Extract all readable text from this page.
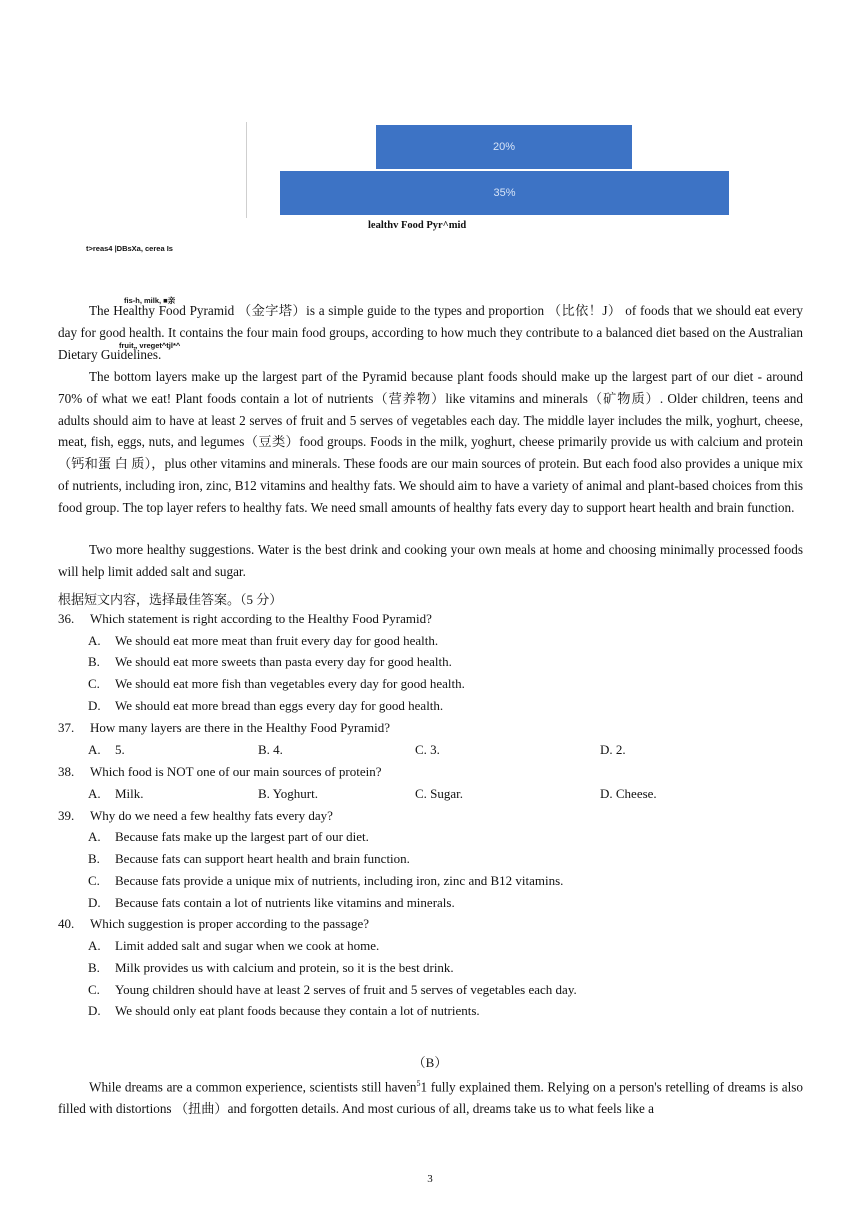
20%
35%
lealthv Food Pyr^mid
t>reas4 |DBsXa, cerea Is
fis-h, milk, ■亲
fruit„ vreget^tjl*^

The Healthy Food Pyramid （金字塔）is a simple guide to the types and proportion （比依！J） of foods that we should eat every day for good health. It contains the four main food groups, according to how much they contribute to a balanced diet based on the Australian Dietary Guidelines.

The bottom layers make up the largest part of the Pyramid because plant foods should make up the largest part of our diet - around 70% of what we eat! Plant foods contain a lot of nutrients（营养物）like vitamins and minerals（矿物质）. Older children, teens and adults should aim to have at least 2 serves of fruit and 5 serves of vegetables each day. The middle layer includes the milk, yoghurt, cheese, meat, fish, eggs, nuts, and legumes（豆类）food groups. Foods in the milk, yoghurt, cheese primarily provide us with calcium and protein（钙和蛋 白 质），plus other vitamins and minerals. These foods are our main sources of protein. But each food also provides a unique mix of nutrients, including iron, zinc, B12 vitamins and healthy fats. We should aim to have a variety of animal and plant-based choices from this food group. The top layer refers to healthy fats. We need small amounts of healthy fats every day to support heart health and brain function.

Two more healthy suggestions. Water is the best drink and cooking your own meals at home and choosing minimally processed foods will help limit added salt and sugar.

根据短文内容，选择最佳答案。（5 分）
36. Which statement is right according to the Healthy Food Pyramid?
A. We should eat more meat than fruit every day for good health.
B. We should eat more sweets than pasta every day for good health.
C. We should eat more fish than vegetables every day for good health.
D. We should eat more bread than eggs every day for good health.
37. How many layers are there in the Healthy Food Pyramid?
A. 5.	B. 4.	C. 3.	D. 2.
38. Which food is NOT one of our main sources of protein?
A. Milk.	B. Yoghurt.	C. Sugar.	D. Cheese.
39. Why do we need a few healthy fats every day?
A. Because fats make up the largest part of our diet.
B. Because fats can support heart health and brain function.
C. Because fats provide a unique mix of nutrients, including iron, zinc and B12 vitamins.
D. Because fats contain a lot of nutrients like vitamins and minerals.
40. Which suggestion is proper according to the passage?
A. Limit added salt and sugar when we cook at home.
B. Milk provides us with calcium and protein, so it is the best drink.
C. Young children should have at least 2 serves of fruit and 5 serves of vegetables each day.
D. We should only eat plant foods because they contain a lot of nutrients.
（B）

While dreams are a common experience, scientists still haven$^5$1 fully explained them. Relying on a person's retelling of dreams is also filled with distortions （扭曲）and forgotten details. And most curious of all, dreams take us to what feels like a

3
